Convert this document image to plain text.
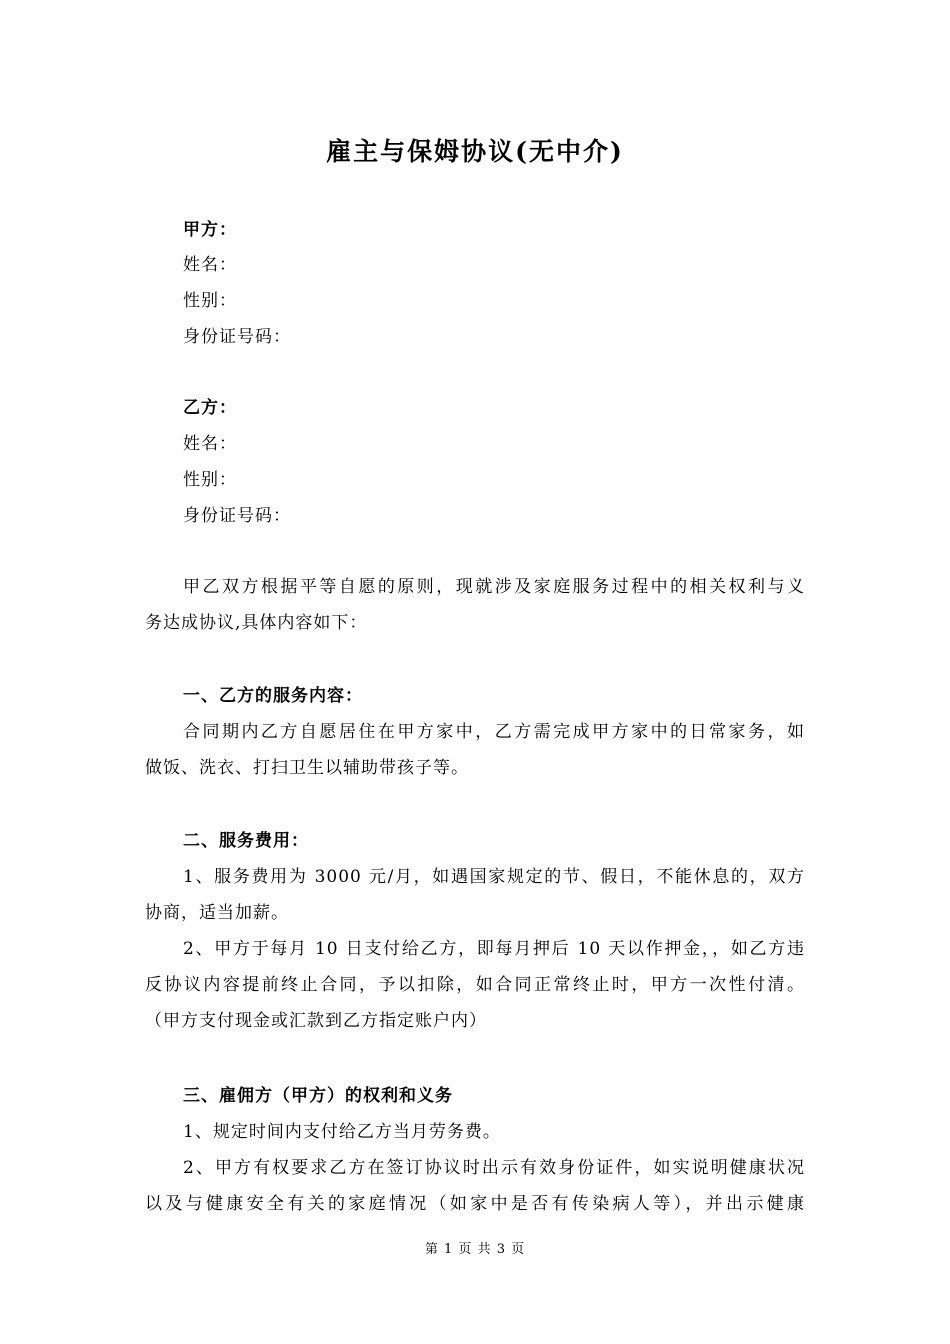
雇主与保姆协议(无中介)
甲方：
姓名：
性别：
身份证号码：
乙方：
姓名：
性别：
身份证号码：
甲乙双方根据平等自愿的原则，现就涉及家庭服务过程中的相关权利与义
务达成协议,具体内容如下：
一、乙方的服务内容：
合同期内乙方自愿居住在甲方家中，乙方需完成甲方家中的日常家务，如
做饭、洗衣、打扫卫生以辅助带孩子等。
二、服务费用：
1、服务费用为 3000 元/月，如遇国家规定的节、假日，不能休息的，双方
协商，适当加薪。
2、甲方于每月 10 日支付给乙方，即每月押后 10 天以作押金，，如乙方违
反协议内容提前终止合同，予以扣除，如合同正常终止时，甲方一次性付清。
（甲方支付现金或汇款到乙方指定账户内）
三、雇佣方（甲方）的权利和义务
1、规定时间内支付给乙方当月劳务费。
2、甲方有权要求乙方在签订协议时出示有效身份证件，如实说明健康状况
以及与健康安全有关的家庭情况（如家中是否有传染病人等），并出示健康
第 1 页 共 3 页
